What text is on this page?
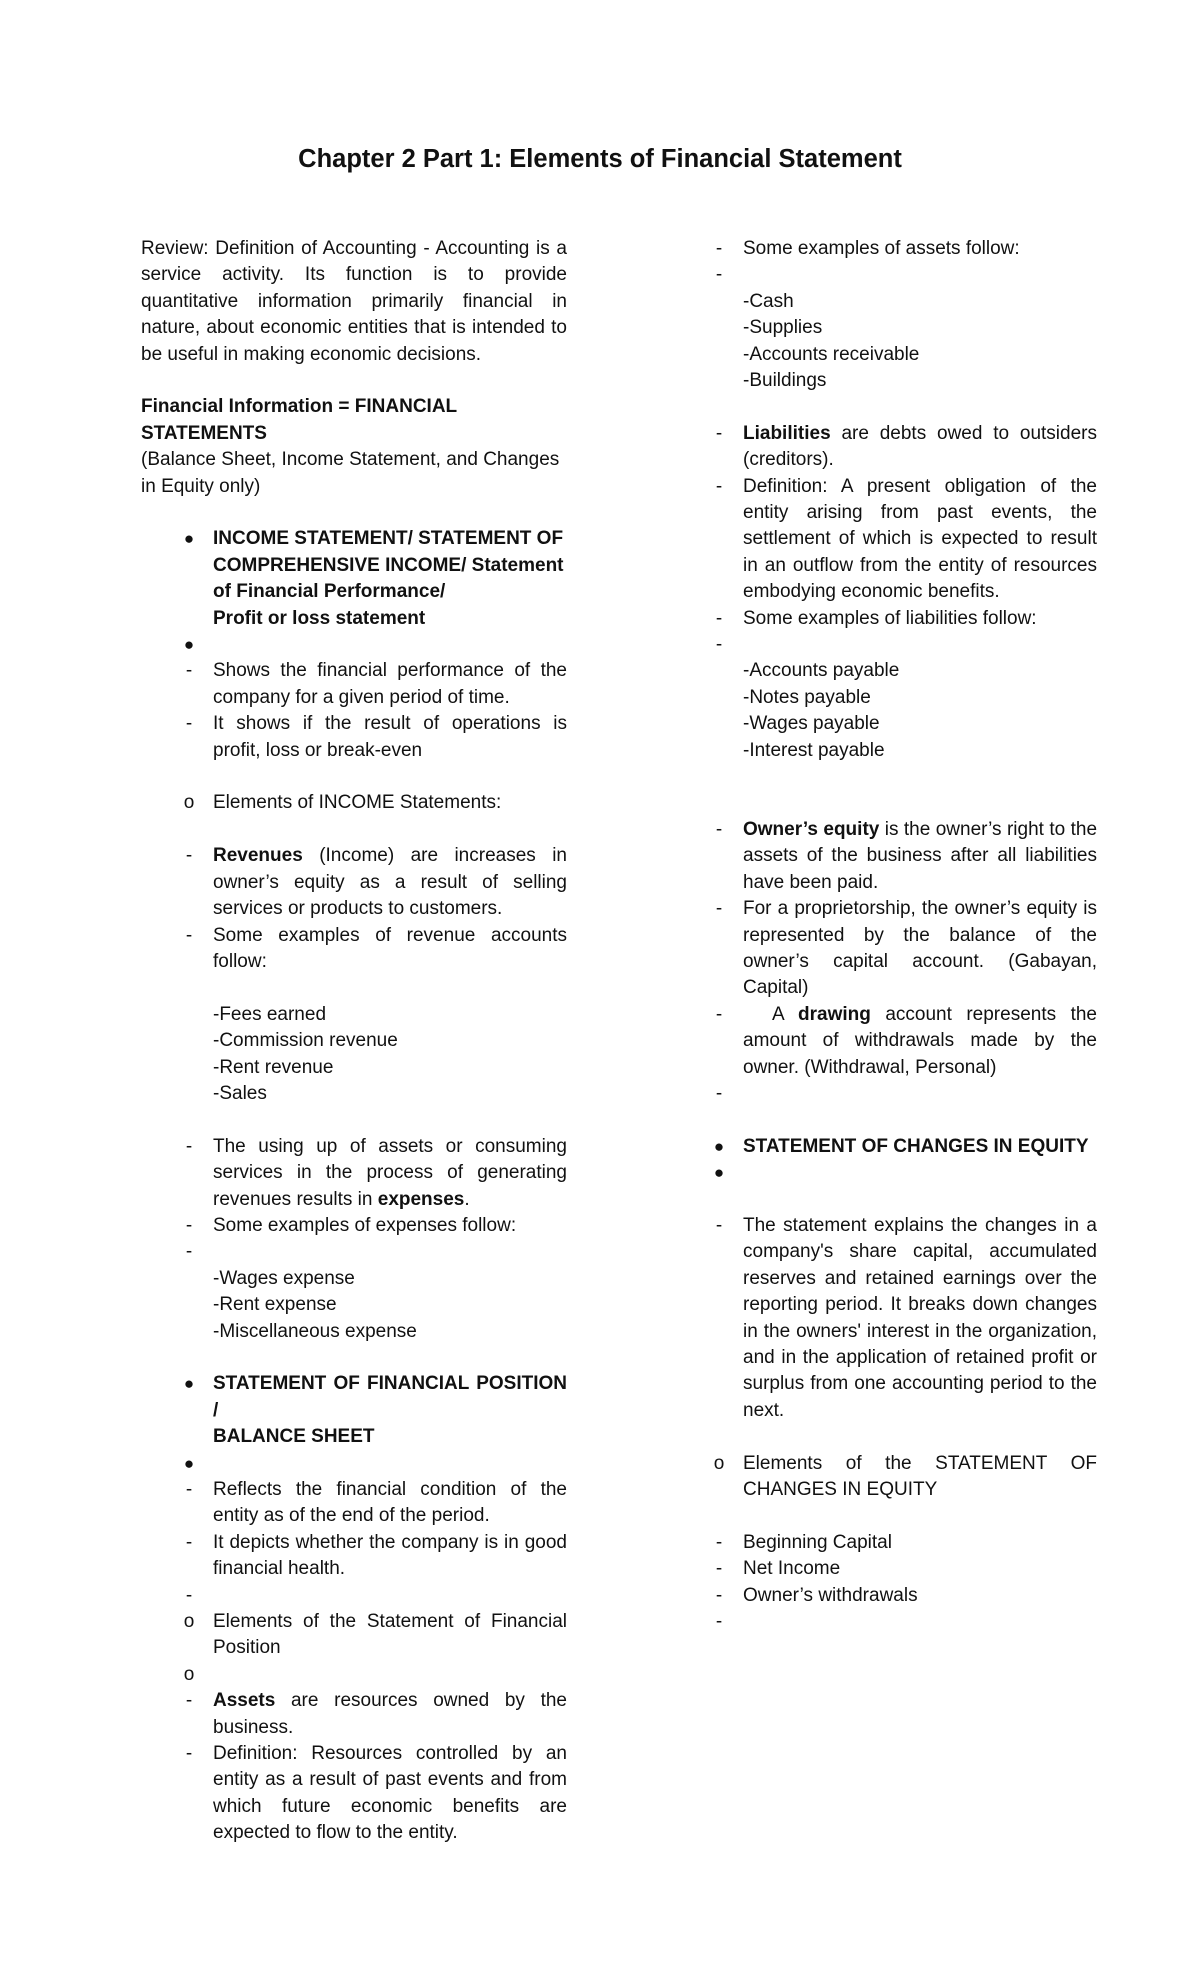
Chapter 2 Part 1: Elements of Financial Statement

Review: Definition of Accounting - Accounting is a service activity. Its function is to provide quantitative information primarily financial in nature, about economic entities that is intended to be useful in making economic decisions.

Financial Information = FINANCIAL
STATEMENTS

(Balance Sheet, Income Statement, and Changes in Equity only)

● INCOME STATEMENT/ STATEMENT OF
COMPREHENSIVE INCOME/ Statement
of Financial Performance/
Profit or loss statement
●

-	Shows the financial performance of the company for a given period of time.
-	It shows if the result of operations is profit, loss or break-even
o Elements of INCOME Statements:
-	Revenues (Income) are increases in owner’s equity as a result of selling services or products to customers.
-	Some examples of revenue accounts follow:
-Fees earned
-Commission revenue
-Rent revenue
-Sales
-	The using up of assets or consuming services in the process of generating revenues results in expenses.
-	Some examples of expenses follow:
-

-Wages expense
-Rent expense
-Miscellaneous expense
● STATEMENT OF FINANCIAL POSITION /
BALANCE SHEET
●

-	Reflects the financial condition of the entity as of the end of the period.
-	It depicts whether the company is in good financial health.
-

o Elements of the Statement of Financial Position
o

-	Assets are resources owned by the business.
-	Definition: Resources controlled by an entity as a result of past events and from which future economic benefits are expected to flow to the entity.
-	Some examples of assets follow:
-

-Cash
-Supplies
-Accounts receivable
-Buildings
-	Liabilities are debts owed to outsiders (creditors).
-	Definition: A present obligation of the entity arising from past events, the settlement of which is expected to result in an outflow from the entity of resources embodying economic benefits.
-	Some examples of liabilities follow:
-

-Accounts payable
-Notes payable
-Wages payable
-Interest payable
-	Owner’s equity is the owner’s right to the assets of the business after all liabilities have been paid.
-	For a proprietorship, the owner’s equity is represented by the balance of the owner’s capital account. (Gabayan, Capital)
-	A drawing account represents the amount of withdrawals made by the owner. (Withdrawal, Personal)
-

● STATEMENT OF CHANGES IN EQUITY
●

-	The statement explains the changes in a company's share capital, accumulated reserves and retained earnings over the reporting period. It breaks down changes in the owners' interest in the organization, and in the application of retained profit or surplus from one accounting period to the next.
o Elements of the STATEMENT OF CHANGES IN EQUITY
-	Beginning Capital
-	Net Income
-	Owner’s withdrawals
-
